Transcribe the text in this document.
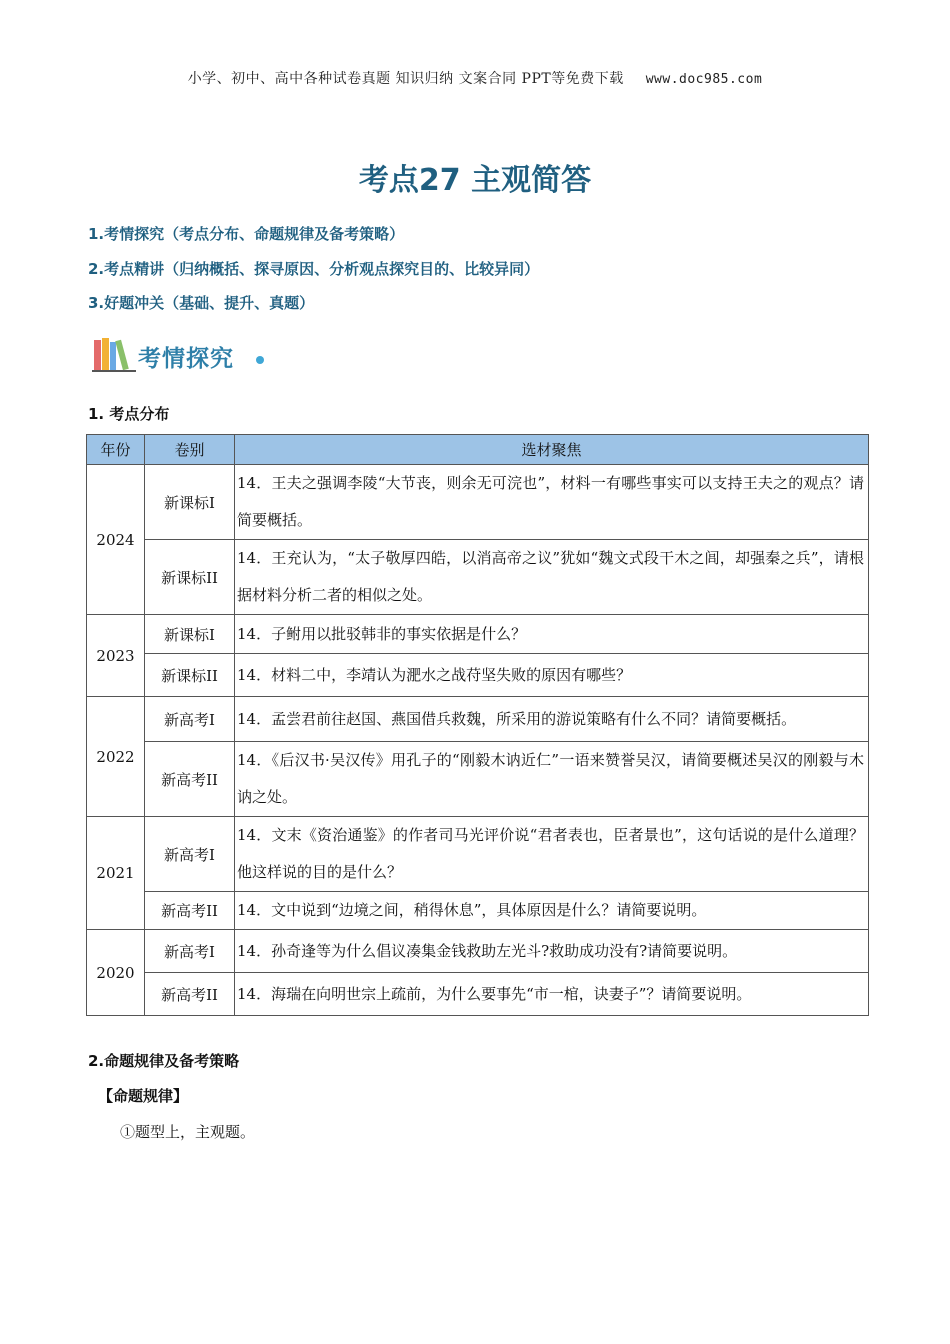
小学、初中、高中各种试卷真题 知识归纳 文案合同 PPT等免费下载 www.doc985.com
考点27 主观简答
1.考情探究（考点分布、命题规律及备考策略）
2.考点精讲（归纳概括、探寻原因、分析观点探究目的、比较异同）
3.好题冲关（基础、提升、真题）
考情探究
1. 考点分布
年份	卷别	选材聚焦
2024	新课标I	14．王夫之强调李陵“大节丧，则余无可浣也”，材料一有哪些事实可以支持王夫之的观点？请简要概括。
	新课标II	14．王充认为，“太子敬厚四皓，以消高帝之议”犹如“魏文式段干木之闾，却强秦之兵”，请根据材料分析二者的相似之处。
2023	新课标I	14．子鲋用以批驳韩非的事实依据是什么？
	新课标II	14．材料二中，李靖认为淝水之战苻坚失败的原因有哪些？
2022	新高考I	14．孟尝君前往赵国、燕国借兵救魏，所采用的游说策略有什么不同？请简要概括。
	新高考II	14．《后汉书·吴汉传》用孔子的“刚毅木讷近仁”一语来赞誉吴汉，请简要概述吴汉的刚毅与木讷之处。
2021	新高考I	14．文末《资治通鉴》的作者司马光评价说“君者表也，臣者景也”，这句话说的是什么道理？他这样说的目的是什么？
	新高考II	14．文中说到“边境之间，稍得休息”，具体原因是什么？请简要说明。
2020	新高考I	14．孙奇逢等为什么倡议凑集金钱救助左光斗?救助成功没有?请简要说明。
	新高考II	14．海瑞在向明世宗上疏前，为什么要事先“市一棺，诀妻子”？请简要说明。
2.命题规律及备考策略
【命题规律】
①题型上，主观题。
